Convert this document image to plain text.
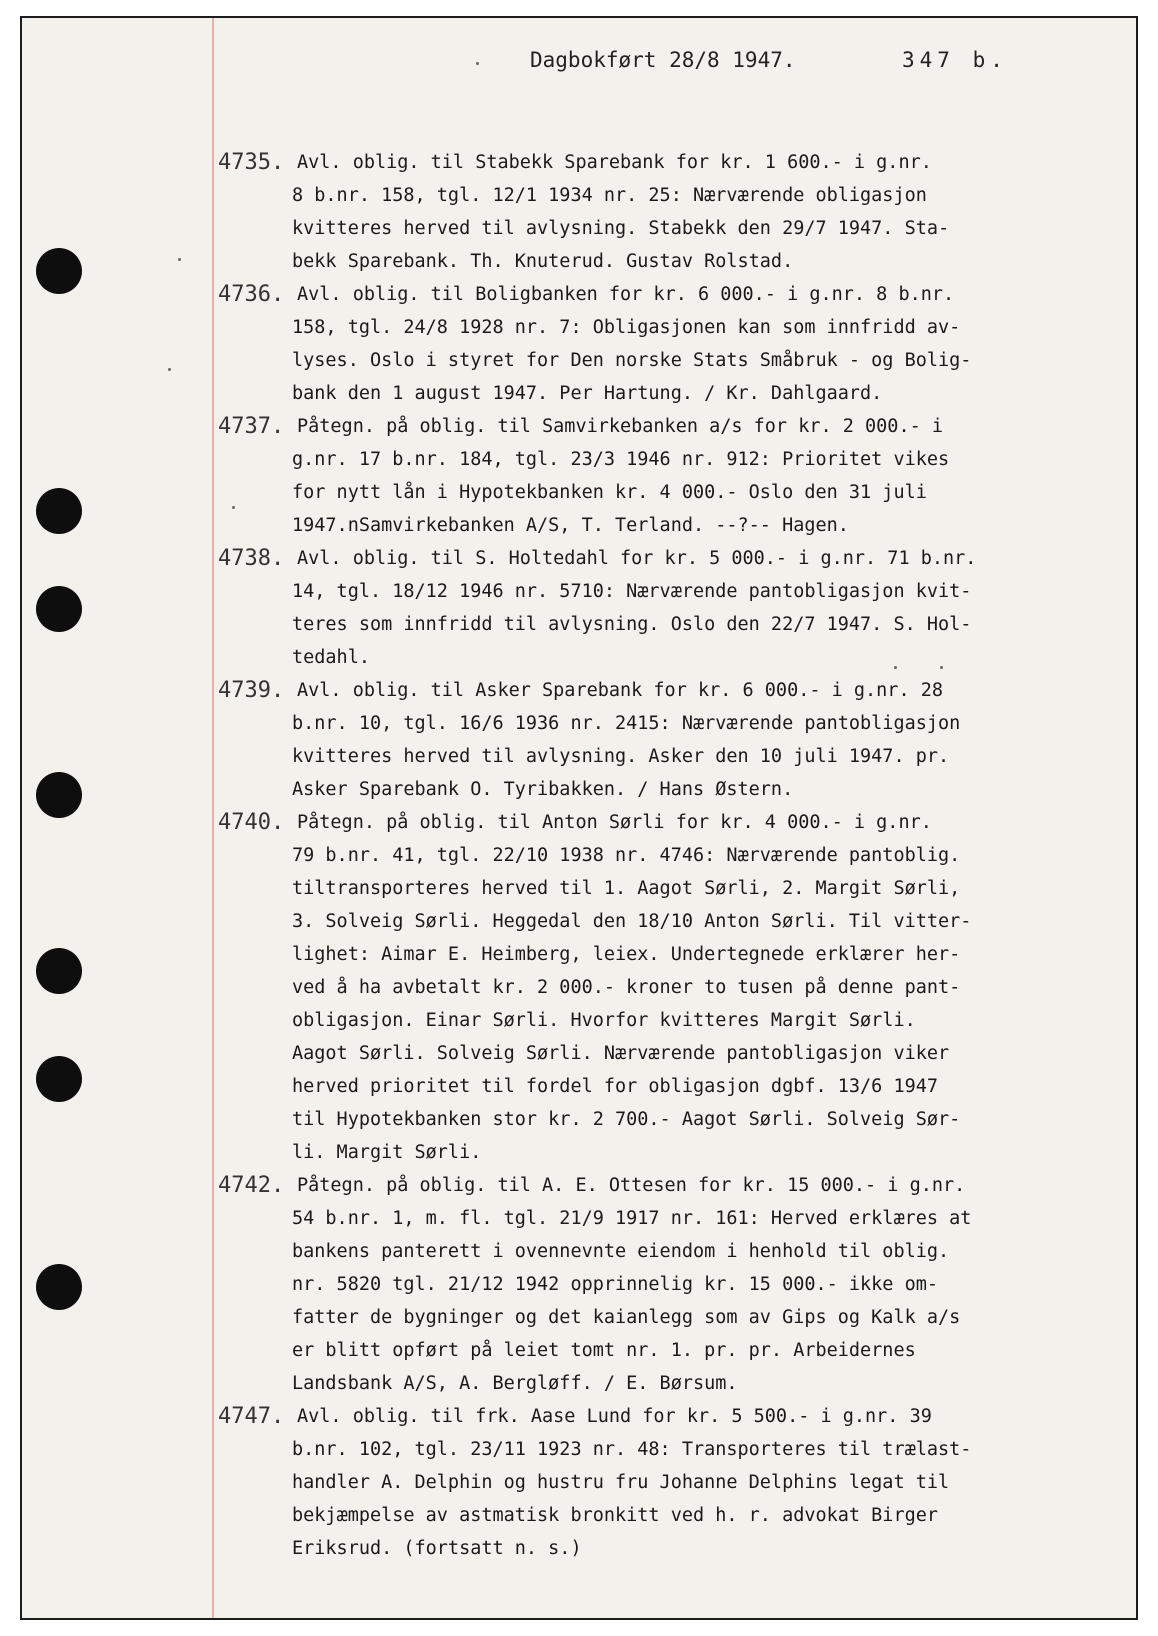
Dagbokført 28/8 1947.	347 b.
4735. Avl. oblig. til Stabekk Sparebank for kr. 1 600.- i g.nr.
8 b.nr. 158, tgl. 12/1 1934 nr. 25: Nærværende obligasjon
kvitteres herved til avlysning. Stabekk den 29/7 1947. Sta-
bekk Sparebank. Th. Knuterud. Gustav Rolstad.
4736. Avl. oblig. til Boligbanken for kr. 6 000.- i g.nr. 8 b.nr.
158, tgl. 24/8 1928 nr. 7: Obligasjonen kan som innfridd av-
lyses. Oslo i styret for Den norske Stats Småbruk - og Bolig-
bank den 1 august 1947. Per Hartung. / Kr. Dahlgaard.
4737. Påtegn. på oblig. til Samvirkebanken a/s for kr. 2 000.- i
g.nr. 17 b.nr. 184, tgl. 23/3 1946 nr. 912: Prioritet vikes
for nytt lån i Hypotekbanken kr. 4 000.- Oslo den 31 juli
1947.nSamvirkebanken A/S, T. Terland. --?-- Hagen.
4738. Avl. oblig. til S. Holtedahl for kr. 5 000.- i g.nr. 71 b.nr.
14, tgl. 18/12 1946 nr. 5710: Nærværende pantobligasjon kvit-
teres som innfridd til avlysning. Oslo den 22/7 1947. S. Hol-
tedahl.
4739. Avl. oblig. til Asker Sparebank for kr. 6 000.- i g.nr. 28
b.nr. 10, tgl. 16/6 1936 nr. 2415: Nærværende pantobligasjon
kvitteres herved til avlysning. Asker den 10 juli 1947. pr.
Asker Sparebank O. Tyribakken. / Hans Østern.
4740. Påtegn. på oblig. til Anton Sørli for kr. 4 000.- i g.nr.
79 b.nr. 41, tgl. 22/10 1938 nr. 4746: Nærværende pantoblig.
tiltransporteres herved til 1. Aagot Sørli, 2. Margit Sørli,
3. Solveig Sørli. Heggedal den 18/10 Anton Sørli. Til vitter-
lighet: Aimar E. Heimberg, leiex. Undertegnede erklærer her-
ved å ha avbetalt kr. 2 000.- kroner to tusen på denne pant-
obligasjon. Einar Sørli. Hvorfor kvitteres Margit Sørli.
Aagot Sørli. Solveig Sørli. Nærværende pantobligasjon viker
herved prioritet til fordel for obligasjon dgbf. 13/6 1947
til Hypotekbanken stor kr. 2 700.- Aagot Sørli. Solveig Sør-
li. Margit Sørli.
4742. Påtegn. på oblig. til A. E. Ottesen for kr. 15 000.- i g.nr.
54 b.nr. 1, m. fl. tgl. 21/9 1917 nr. 161: Herved erklæres at
bankens panterett i ovennevnte eiendom i henhold til oblig.
nr. 5820 tgl. 21/12 1942 opprinnelig kr. 15 000.- ikke om-
fatter de bygninger og det kaianlegg som av Gips og Kalk a/s
er blitt opført på leiet tomt nr. 1. pr. pr. Arbeidernes
Landsbank A/S, A. Bergløff. / E. Børsum.
4747. Avl. oblig. til frk. Aase Lund for kr. 5 500.- i g.nr. 39
b.nr. 102, tgl. 23/11 1923 nr. 48: Transporteres til trælast-
handler A. Delphin og hustru fru Johanne Delphins legat til
bekjæmpelse av astmatisk bronkitt ved h. r. advokat Birger
Eriksrud. (fortsatt n. s.)
